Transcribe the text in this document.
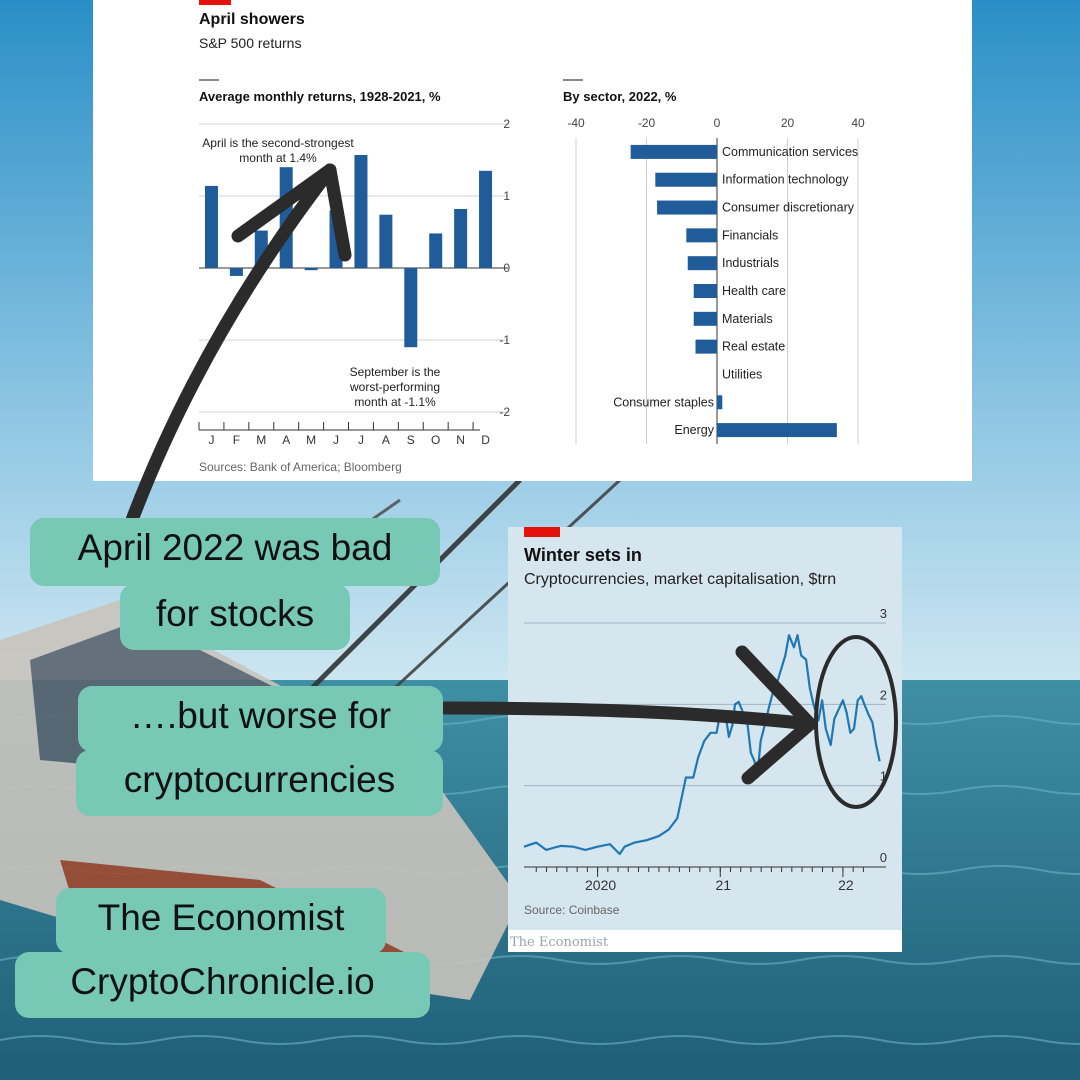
April showers
S&P 500 returns
Average monthly returns, 1928-2021, %
2
1
0
-1
-2
J F M A M J J A S O N D
April is the second-strongest
month at 1.4%
September is the
worst-performing
month at -1.1%
By sector, 2022, %
-40	-20	0	20	40
Communication services
Information technology
Consumer discretionary
Financials
Industrials
Health care
Materials
Real estate
Utilities
Consumer staples
Energy
Sources: Bank of America; Bloomberg
Winter sets in
Cryptocurrencies, market capitalisation, $trn
3
2
1
0
2020	21	22
Source: Coinbase
The Economist
April 2022 was bad
for stocks
….but worse for
cryptocurrencies
The Economist
CryptoChronicle.io
